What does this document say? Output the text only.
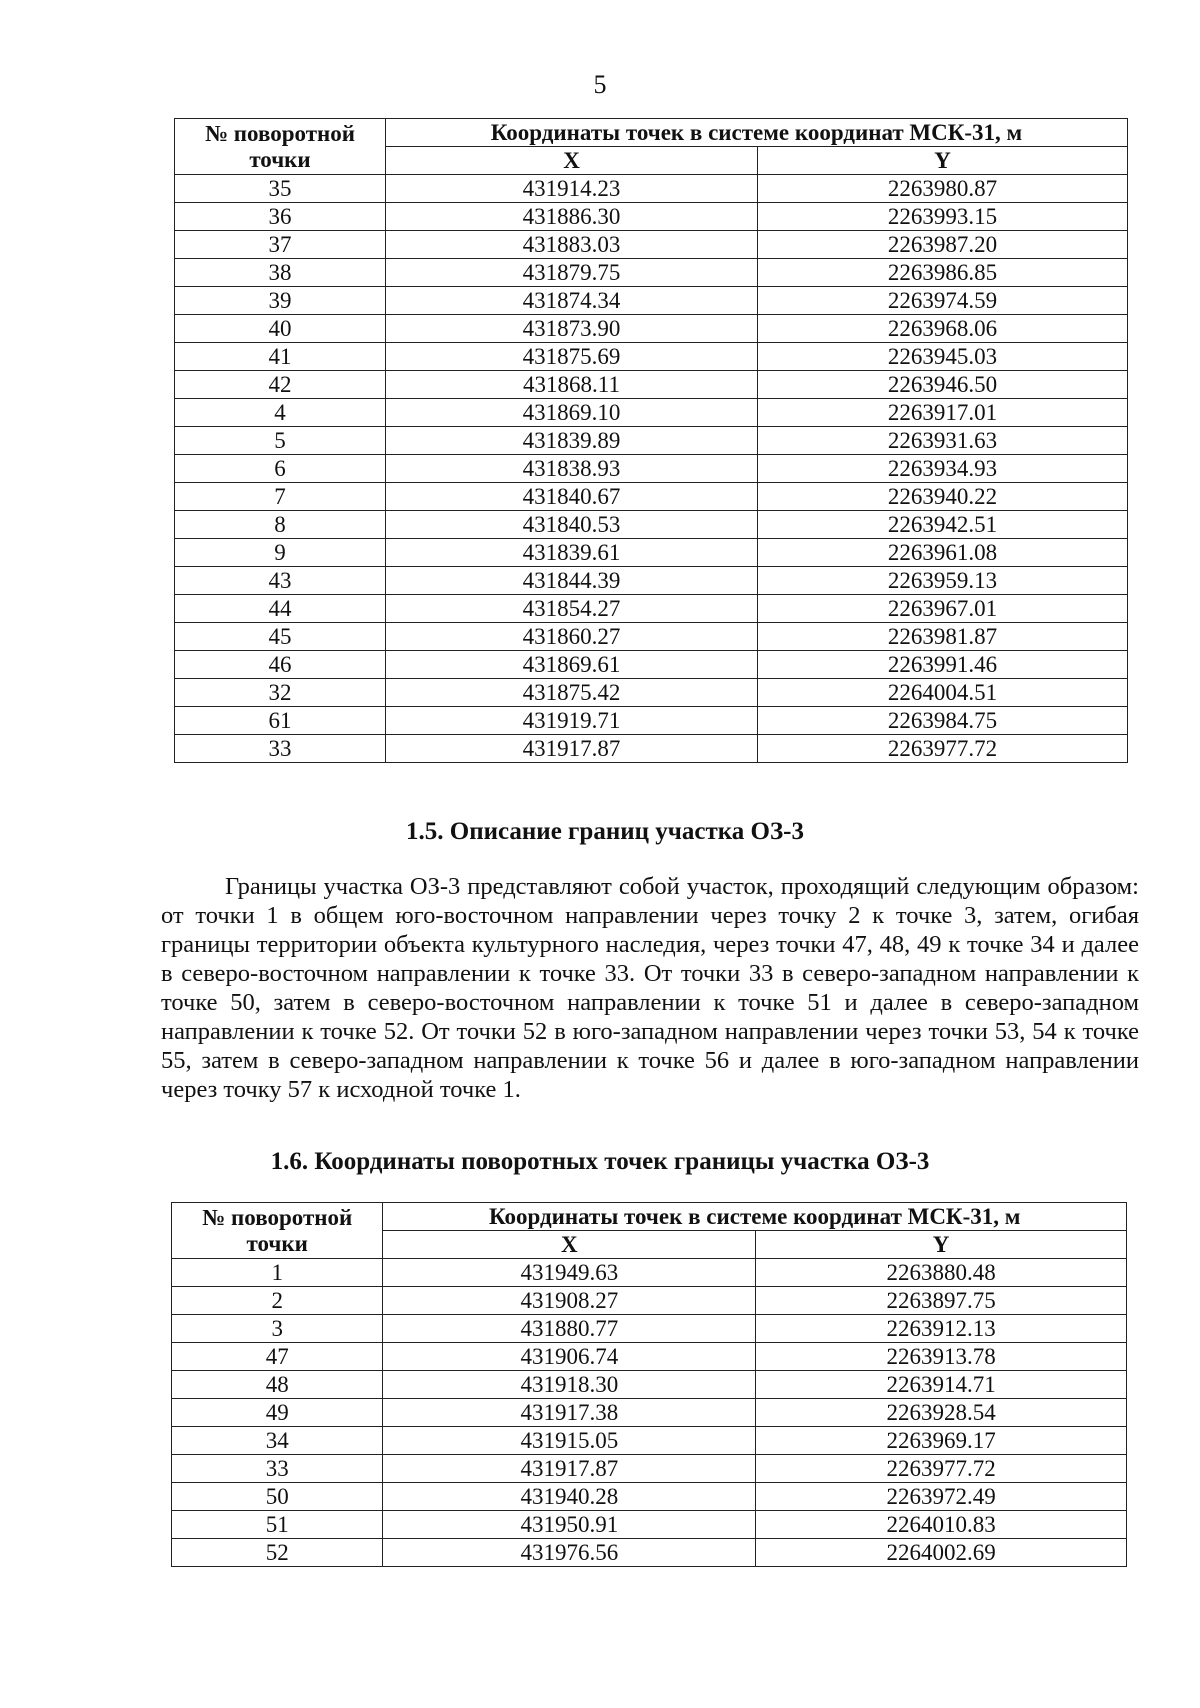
5
№ поворотной точки	Координаты точек в системе координат МСК-31, м	
	X	Y
35	431914.23	2263980.87
36	431886.30	2263993.15
37	431883.03	2263987.20
38	431879.75	2263986.85
39	431874.34	2263974.59
40	431873.90	2263968.06
41	431875.69	2263945.03
42	431868.11	2263946.50
4	431869.10	2263917.01
5	431839.89	2263931.63
6	431838.93	2263934.93
7	431840.67	2263940.22
8	431840.53	2263942.51
9	431839.61	2263961.08
43	431844.39	2263959.13
44	431854.27	2263967.01
45	431860.27	2263981.87
46	431869.61	2263991.46
32	431875.42	2264004.51
61	431919.71	2263984.75
33	431917.87	2263977.72
1.5. Описание границ участка ОЗ-3

Границы участка ОЗ-3 представляют собой участок, проходящий следующим образом: от точки 1 в общем юго-восточном направлении через точку 2 к точке 3, затем, огибая границы территории объекта культурного наследия, через точки 47, 48, 49 к точке 34 и далее в северо-восточном направлении к точке 33. От точки 33 в северо-западном направлении к точке 50, затем в северо-восточном направлении к точке 51 и далее в северо-западном направлении к точке 52. От точки 52 в юго-западном направлении через точки 53, 54 к точке 55, затем в северо-западном направлении к точке 56 и далее в юго-западном направлении через точку 57 к исходной точке 1.

1.6. Координаты поворотных точек границы участка ОЗ-3
№ поворотной точки	Координаты точек в системе координат МСК-31, м	
	X	Y
1	431949.63	2263880.48
2	431908.27	2263897.75
3	431880.77	2263912.13
47	431906.74	2263913.78
48	431918.30	2263914.71
49	431917.38	2263928.54
34	431915.05	2263969.17
33	431917.87	2263977.72
50	431940.28	2263972.49
51	431950.91	2264010.83
52	431976.56	2264002.69
